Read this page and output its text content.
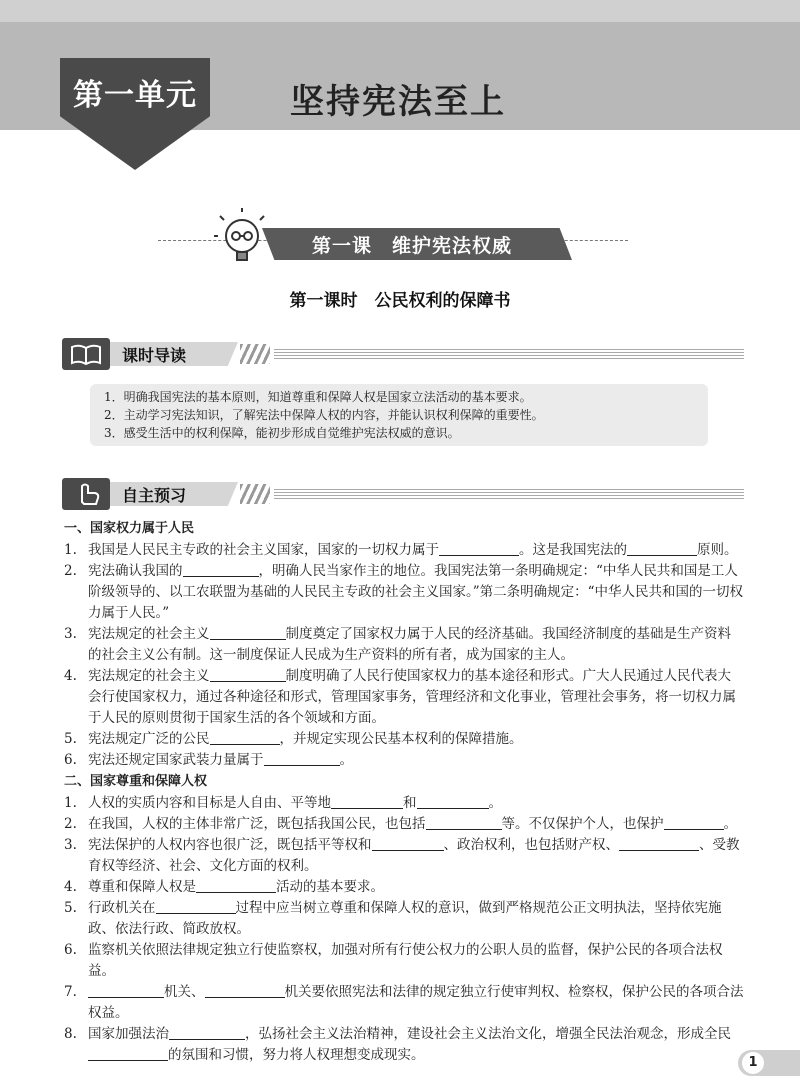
第一单元	坚持宪法至上
第一课　维护宪法权威
第一课时　公民权利的保障书
课时导读
1．明确我国宪法的基本原则，知道尊重和保障人权是国家立法活动的基本要求。
2．主动学习宪法知识，了解宪法中保障人权的内容，并能认识权利保障的重要性。
3．感受生活中的权利保障，能初步形成自觉维护宪法权威的意识。
自主预习
一、国家权力属于人民
1. 我国是人民民主专政的社会主义国家，国家的一切权力属于	。这是我国宪法的	原则。
2. 宪法确认我国的	，明确人民当家作主的地位。我国宪法第一条明确规定：“中华人民共和国是工人阶级领导的、以工农联盟为基础的人民民主专政的社会主义国家。”第二条明确规定：“中华人民共和国的一切权力属于人民。”
3. 宪法规定的社会主义	制度奠定了国家权力属于人民的经济基础。我国经济制度的基础是生产资料的社会主义公有制。这一制度保证人民成为生产资料的所有者，成为国家的主人。
4. 宪法规定的社会主义	制度明确了人民行使国家权力的基本途径和形式。广大人民通过人民代表大会行使国家权力，通过各种途径和形式，管理国家事务，管理经济和文化事业，管理社会事务，将一切权力属于人民的原则贯彻于国家生活的各个领域和方面。
5. 宪法规定广泛的公民	，并规定实现公民基本权利的保障措施。
6. 宪法还规定国家武装力量属于	。
二、国家尊重和保障人权
1. 人权的实质内容和目标是人自由、平等地	和	。
2. 在我国，人权的主体非常广泛，既包括我国公民，也包括	等。不仅保护个人，也保护	。
3. 宪法保护的人权内容也很广泛，既包括平等权和	、政治权利，也包括财产权、	、受教育权等经济、社会、文化方面的权利。
4. 尊重和保障人权是	活动的基本要求。
5. 行政机关在	过程中应当树立尊重和保障人权的意识，做到严格规范公正文明执法，坚持依宪施政、依法行政、简政放权。
6. 监察机关依照法律规定独立行使监察权，加强对所有行使公权力的公职人员的监督，保护公民的各项合法权益。
7.	机关、	机关要依照宪法和法律的规定独立行使审判权、检察权，保护公民的各项合法权益。
8. 国家加强法治	，弘扬社会主义法治精神，建设社会主义法治文化，增强全民法治观念，形成全民的氛围和习惯，努力将人权理想变成现实。	1
